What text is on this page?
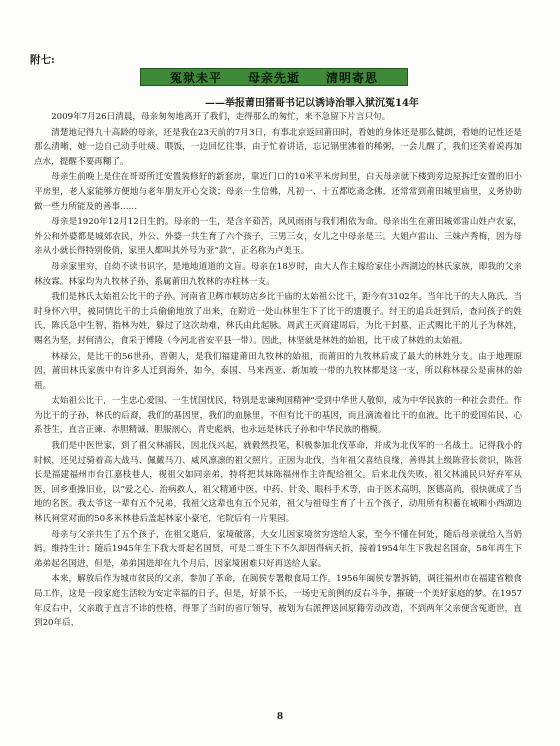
附七:
冤狱未平　　母亲先逝　　清明寄思
——举报莆田猪哥书记以诱诗治罪入狱沉冤14年

2009年7月26日清晨，母亲匆匆地离开了我们，走得那么的匆忙，来不急留下片言只句。

清楚地记得九十高龄的母亲，还是我在23天前的7月3日，有事北京返回莆田时，看她的身体还是那么健朗，看她的记性还是那么清晰，她一边自己动手吐痰、喂饭，一边回忆往事，由于忙着讲话，忘记锅里沸着的稀粥，一会儿醒了，我们还笑着说再加点水，提醒不要再糊了。

母亲生前晚上是住在哥哥所迁安置装修好的新套房，靠近门口的10米平米房间里，白天母亲就下楼到旁边原拆迁安置的旧小平房里，老人家能够方便地与老年朋友开心交谈；母亲一生信佛，凡初一、十五都吃斋念佛，还常常到莆田城里庙里，义务协助做一些力所能及的善事……

母亲是1920年12月12日生的。母亲的一生，是含辛茹苦，风风雨雨与我们相依为命。母亲出生在莆田城郊雷山姓卢农家，外公和外婆都是城郊农民，外公、外婆一共生育了六个孩子，三男三女，女儿之中母亲是三。大姐卢雷山、三妹卢秀梅，因为母亲从小就长得特别俊俏，家里人都叫其外号为亚“款”，正名称为卢美玉。

母亲家里穷，自幼不读书识字，是地地道道的文盲。母亲在18岁时，由大人作主嫁给家住小西湖边的林氏家族，即我的父亲林汝霖。林家均为九牧林子孙，系属莆田九牧林的赤柱林一支。

我们是林氏太始祖公比干的子孙。河南省卫辉市顿坊店乡比干庙的太始祖公比干，距今有3102年。当年比干的夫人陈氏，当时身怀六甲，被同情比干的士兵偷偷地放了出来，在附近一处山林里生下了比干的遗腹子。纣王的追兵赶到后，查问孩子的姓氏，陈氏急中生智，指林为姓，躲过了这次劫难，林氏由此起脉。周武王灭商建周后，为比干封墓，正式赐比干的儿子为林姓，赐名为坚，封何清公，食采于博陵（今河北省安平县一带）。因此，林坚就是林姓的始祖，比干成了林姓的太始祖。

林禄公，是比干的56世孙，晋朝人，是我们福建莆田九牧林的始祖，而莆田的九牧林后成了最大的林姓分支。由于地理原因，莆田林氏家族中有许多人迁到海外，如今，泰国、马来西亚、新加坡一带的九牧林都是这一支，所以称林禄公是南林的始祖。

太始祖公比干，一生忠心爱国、一生忧国忧民，特别是忠谏殉国精神“受到中华世人敬仰，成为中华民族的一种社会责任。作为比干的子孙，林氏的后裔，我们的基因里，我们的血脉里，不但有比干的基因，而且滴流着比干的血液。比干的爱国佑民、心系苍生，直言正谏、赤胆精诚、胆服剖心，青史彪炳，也永远是林氏子孙和中华民族的楷模。

我们是中医世家，到了祖父林浦民，因北伐兴起，就毅然投笔，积极参加北伐革命，并成为北伐军的一名战士。记得我小的时候，还见过骑着高大战马、佩戴马刀、威风凛凛的祖父照片。正因为北伐，当年祖父喜结良缘，善得其上级陈营长赏识，陈营长是福建福州市台江嘉枝巷人，视祖父如同亲弟，特将把其妹陈福州作主许配给祖父。后来北伐失败，祖父林浦民只好弃军从医，回乡重操旧业，以“爱之心、治病救人，祖父精通中医、中药、针灸、眼科手术等，由于医术高明，医德高尚，很快就成了当地的名医。我太爷这一辈有五个兄弟，我祖父这辈也有五个兄弟，祖父与祖母生育了十五个孩子，动用所有积蓄在城厢小西湖边林氏祠堂对面的50多米林巷后盖起林家小豪宅，宅院后有一片果园。

母亲与父亲共生了五个孩子，在祖父逝后，家境破落，大女儿因家境贫穷送给人家，至今不懂在何处，随后母亲就给入当奶妈，维持生计；随后1945年生下我大哥起名国贤，可是二哥生下不久却因得病夭折，接着1954年生下我起名国奋，58年再生下弟弟起名国进，但是，弟弟国进却在九个月后，因家境困难只好再送给人家。

本来，解放后作为城市贫民的父亲，参加了革命，在闽侯专署粮食局工作。1956年闽侯专署拆销，调往福州市在福建省粮食局工作，这是一段家庭生活较为安定幸福的日子。但是，好景不长，一场史无前例的反右斗争，摧破一个美好家庭的梦。在1957年反右中，父亲敢于直言不讳的性格，得罪了当时的省厅领导，被划为右派押送回原籍劳动改造，不到两年父亲便含冤逝世，直到20年后，

8
